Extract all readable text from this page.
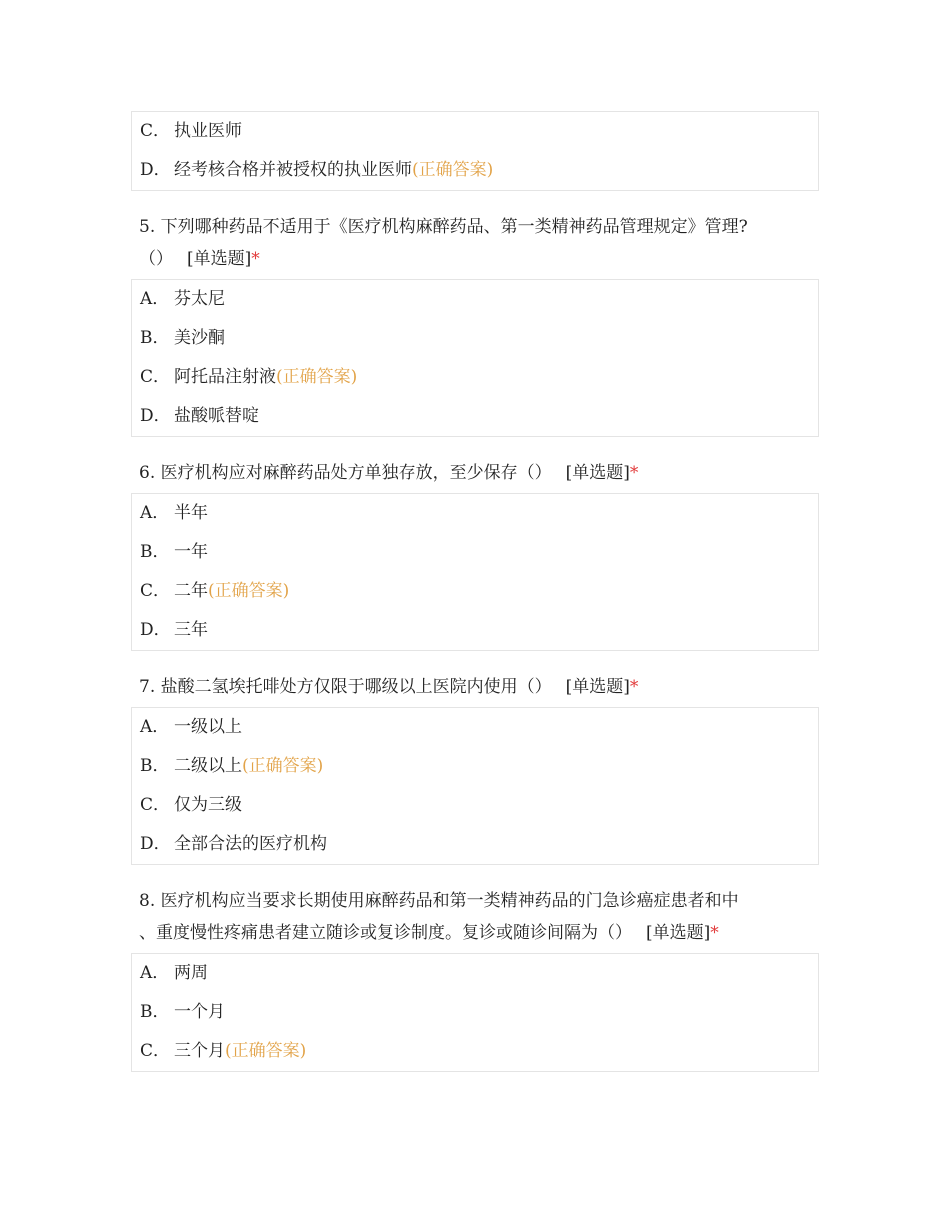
C． 执业医师
D． 经考核合格并被授权的执业医师(正确答案)
5. 下列哪种药品不适用于《医疗机构麻醉药品、第一类精神药品管理规定》管理?
（） [单选题]*
A． 芬太尼
B． 美沙酮
C． 阿托品注射液(正确答案)
D． 盐酸哌替啶
6. 医疗机构应对麻醉药品处方单独存放，至少保存（） [单选题]*
A． 半年
B． 一年
C． 二年(正确答案)
D． 三年
7. 盐酸二氢埃托啡处方仅限于哪级以上医院内使用（） [单选题]*
A． 一级以上
B． 二级以上(正确答案)
C． 仅为三级
D． 全部合法的医疗机构
8. 医疗机构应当要求长期使用麻醉药品和第一类精神药品的门急诊癌症患者和中
、重度慢性疼痛患者建立随诊或复诊制度。复诊或随诊间隔为（） [单选题]*
A． 两周
B． 一个月
C． 三个月(正确答案)
